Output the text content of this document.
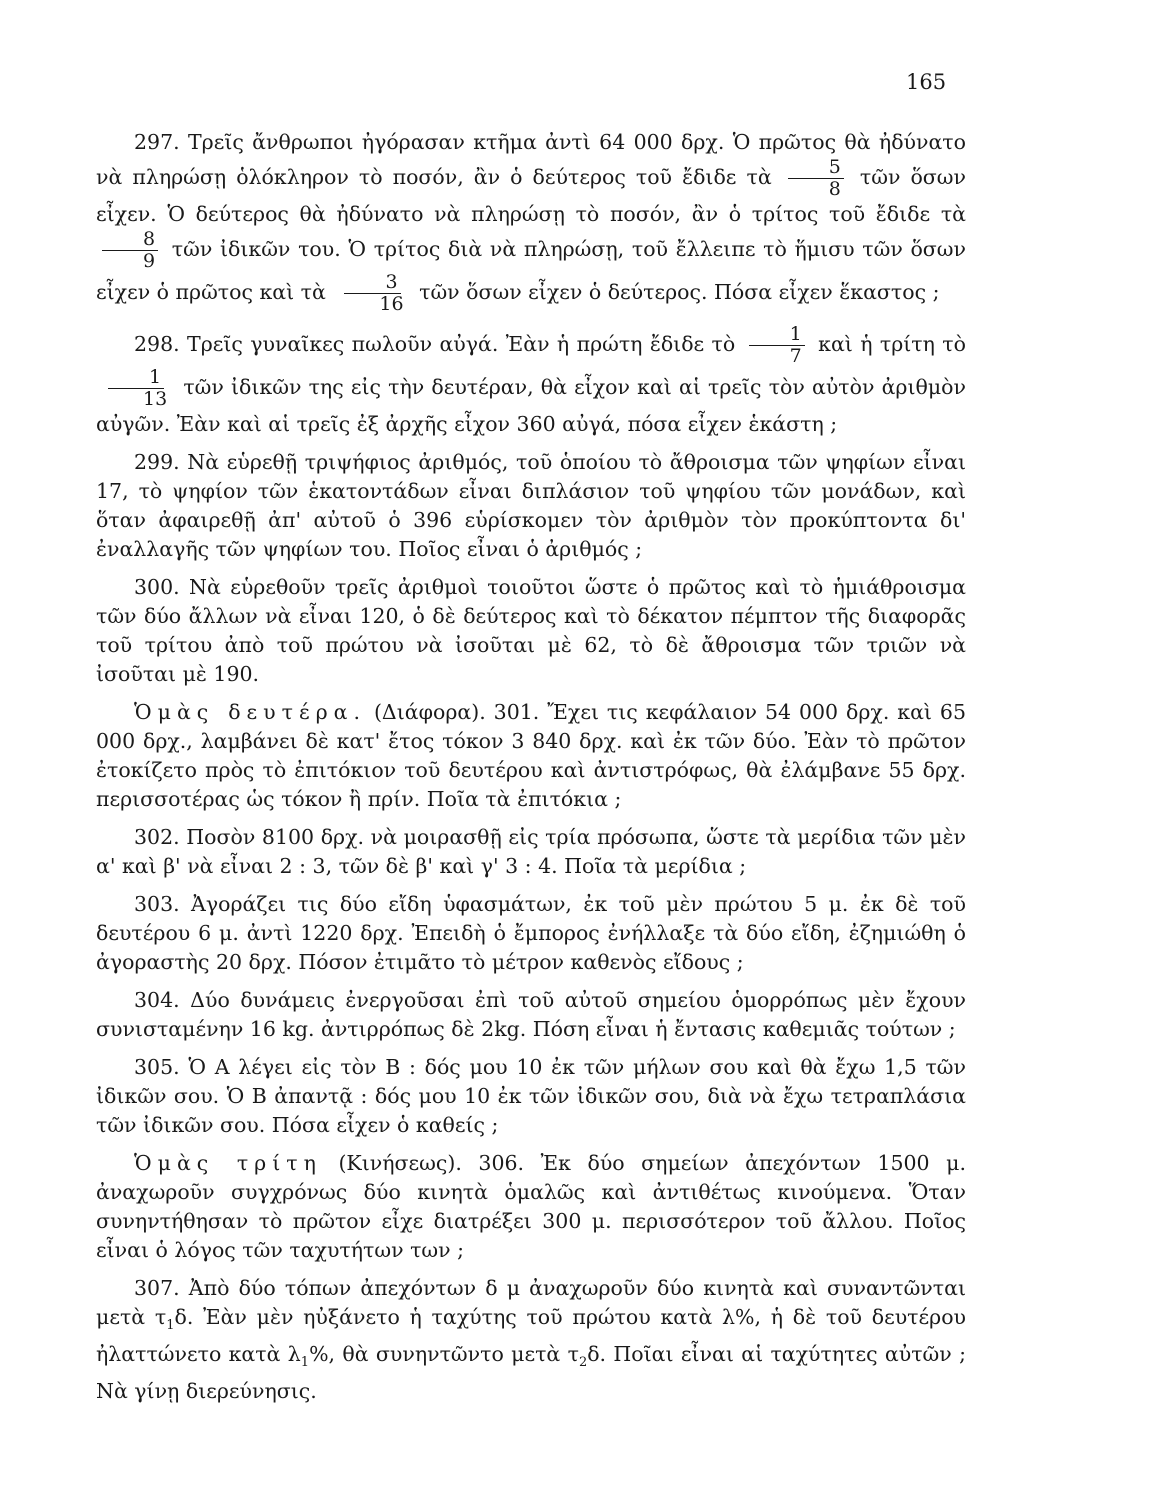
165

297. Τρεῖς ἄνθρωποι ἠγόρασαν κτῆμα ἀντὶ 64 000 δρχ. Ὁ πρῶτος θὰ ἠδύνατο νὰ πληρώσῃ ὁλόκληρον τὸ ποσόν, ἂν ὁ δεύτερος τοῦ ἔδιδε τὰ $\frac{5}{8}$ τῶν ὅσων εἶχεν. Ὁ δεύτερος θὰ ἠδύνατο νὰ πληρώσῃ τὸ ποσόν, ἂν ὁ τρίτος τοῦ ἔδιδε τὰ
$\frac{8}{9}$ τῶν ἰδικῶν του. Ὁ τρίτος διὰ νὰ πληρώσῃ, τοῦ ἔλλειπε τὸ ἥμισυ τῶν ὅσων εἶχεν ὁ πρῶτος καὶ τὰ $\frac{3}{16}$ τῶν ὅσων εἶχεν ὁ δεύτερος. Πόσα εἶχεν ἕκαστος ;

298. Τρεῖς γυναῖκες πωλοῦν αὐγά. Ἐὰν ἡ πρώτη ἔδιδε τὸ $\frac{1}{7}$ καὶ ἡ τρίτη τὸ
$\frac{1}{13}$ τῶν ἰδικῶν της εἰς τὴν δευτέραν, θὰ εἶχον καὶ αἱ τρεῖς τὸν αὐτὸν ἀριθμὸν αὐγῶν. Ἐὰν καὶ αἱ τρεῖς ἐξ ἀρχῆς εἶχον 360 αὐγά, πόσα εἶχεν ἑκάστη ;

299. Νὰ εὑρεθῇ τριψήφιος ἀριθμός, τοῦ ὁποίου τὸ ἄθροισμα τῶν ψηφίων εἶναι 17, τὸ ψηφίον τῶν ἑκατοντάδων εἶναι διπλάσιον τοῦ ψηφίου τῶν μονάδων, καὶ ὅταν ἀφαιρεθῇ ἀπ' αὐτοῦ ὁ 396 εὑρίσκομεν τὸν ἀριθμὸν τὸν προκύπτοντα δι' ἐναλλαγῆς τῶν ψηφίων του. Ποῖος εἶναι ὁ ἀριθμός ;

300. Νὰ εὑρεθοῦν τρεῖς ἀριθμοὶ τοιοῦτοι ὥστε ὁ πρῶτος καὶ τὸ ἡμιάθροισμα τῶν δύο ἄλλων νὰ εἶναι 120, ὁ δὲ δεύτερος καὶ τὸ δέκατον πέμπτον τῆς διαφορᾶς τοῦ τρίτου ἀπὸ τοῦ πρώτου νὰ ἰσοῦται μὲ 62, τὸ δὲ ἄθροισμα τῶν τριῶν νὰ ἰσοῦται μὲ 190.

Ὁμὰς δευτέρα. (Διάφορα). 301. Ἔχει τις κεφάλαιον 54 000 δρχ. καὶ 65 000 δρχ., λαμβάνει δὲ κατ' ἔτος τόκον 3 840 δρχ. καὶ ἐκ τῶν δύο. Ἐὰν τὸ πρῶτον ἐτοκίζετο πρὸς τὸ ἐπιτόκιον τοῦ δευτέρου καὶ ἀντιστρόφως, θὰ ἐλάμβανε 55 δρχ. περισσοτέρας ὡς τόκον ἢ πρίν. Ποῖα τὰ ἐπιτόκια ;

302. Ποσὸν 8100 δρχ. νὰ μοιρασθῇ εἰς τρία πρόσωπα, ὥστε τὰ μερίδια τῶν μὲν α' καὶ β' νὰ εἶναι 2 : 3, τῶν δὲ β' καὶ γ' 3 : 4. Ποῖα τὰ μερίδια ;

303. Ἀγοράζει τις δύο εἴδη ὑφασμάτων, ἐκ τοῦ μὲν πρώτου 5 μ. ἐκ δὲ τοῦ δευτέρου 6 μ. ἀντὶ 1220 δρχ. Ἐπειδὴ ὁ ἔμπορος ἐνήλλαξε τὰ δύο εἴδη, ἐζημιώθη ὁ ἀγοραστὴς 20 δρχ. Πόσον ἐτιμᾶτο τὸ μέτρον καθενὸς εἴδους ;

304. Δύο δυνάμεις ἐνεργοῦσαι ἐπὶ τοῦ αὐτοῦ σημείου ὁμορρόπως μὲν ἔχουν συνισταμένην 16 kg. ἀντιρρόπως δὲ 2kg. Πόση εἶναι ἡ ἔντασις καθεμιᾶς τούτων ;

305. Ὁ Α λέγει εἰς τὸν Β : δός μου 10 ἐκ τῶν μήλων σου καὶ θὰ ἔχω 1,5 τῶν ἰδικῶν σου. Ὁ Β ἀπαντᾷ : δός μου 10 ἐκ τῶν ἰδικῶν σου, διὰ νὰ ἔχω τετραπλάσια τῶν ἰδικῶν σου. Πόσα εἶχεν ὁ καθείς ;

Ὁμὰς τρίτη (Κινήσεως). 306. Ἐκ δύο σημείων ἀπεχόντων 1500 μ. ἀναχωροῦν συγχρόνως δύο κινητὰ ὁμαλῶς καὶ ἀντιθέτως κινούμενα. Ὅταν συνηντήθησαν τὸ πρῶτον εἶχε διατρέξει 300 μ. περισσότερον τοῦ ἄλλου. Ποῖος εἶναι ὁ λόγος τῶν ταχυτήτων των ;

307. Ἀπὸ δύο τόπων ἀπεχόντων δ μ ἀναχωροῦν δύο κινητὰ καὶ συναντῶνται μετὰ $\tau_1\delta$. Ἐὰν μὲν ηὐξάνετο ἡ ταχύτης τοῦ πρώτου κατὰ λ%, ἡ δὲ τοῦ δευτέρου ἠλαττώνετο κατὰ $\lambda_1\%$, θὰ συνηντῶντο μετὰ $\tau_2\delta$. Ποῖαι εἶναι αἱ ταχύτητες αὐτῶν ; Νὰ γίνῃ διερεύνησις.
